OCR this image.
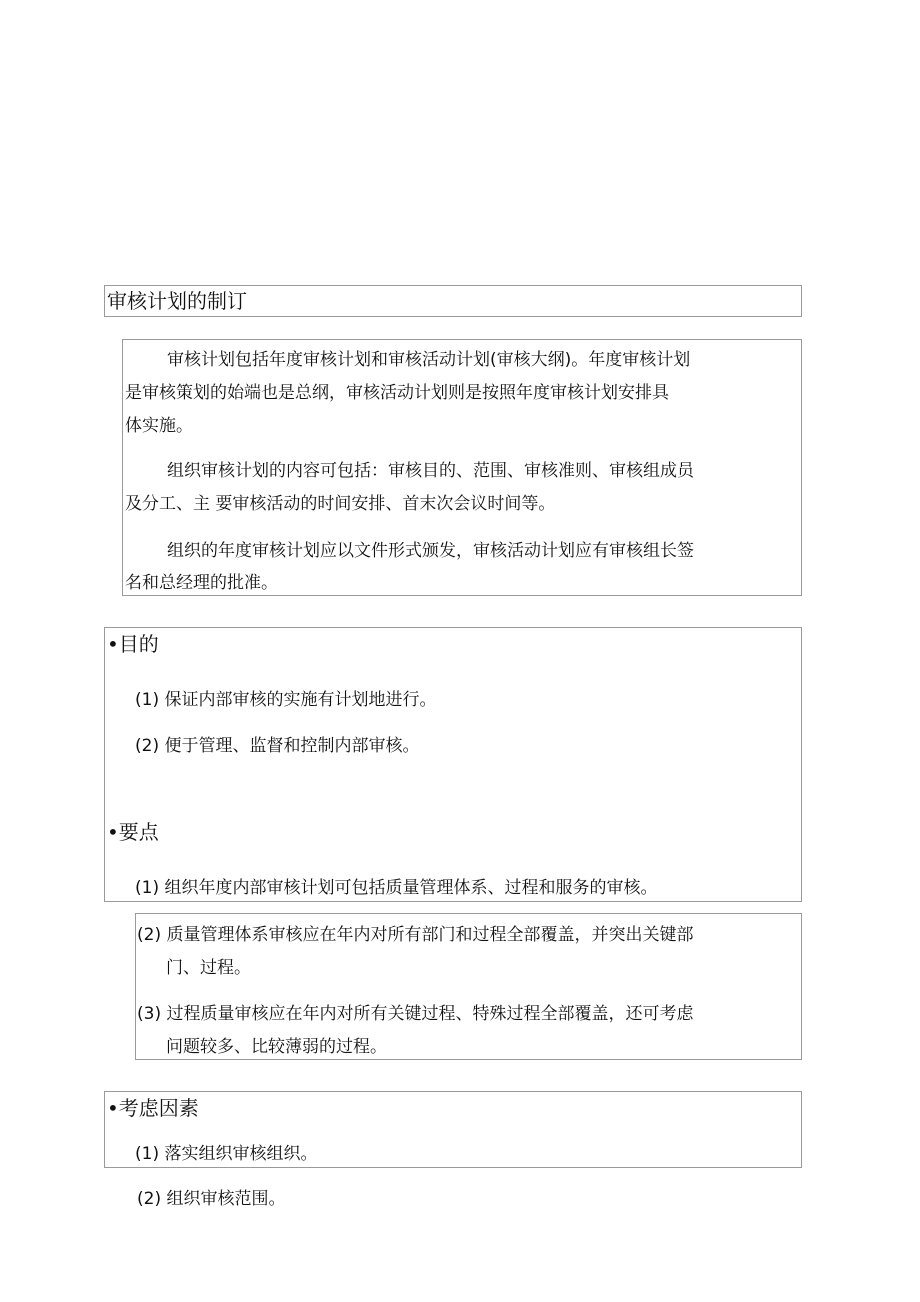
审核计划的制订
审核计划包括年度审核计划和审核活动计划(审核大纲)。年度审核计划
是审核策划的始端也是总纲，审核活动计划则是按照年度审核计划安排具
体实施。
组织审核计划的内容可包括：审核目的、范围、审核准则、审核组成员
及分工、主 要审核活动的时间安排、首末次会议时间等。
组织的年度审核计划应以文件形式颁发，审核活动计划应有审核组长签
名和总经理的批准。
•目的
(1) 保证内部审核的实施有计划地进行。
(2) 便于管理、监督和控制内部审核。
•要点
(1) 组织年度内部审核计划可包括质量管理体系、过程和服务的审核。
(2) 质量管理体系审核应在年内对所有部门和过程全部覆盖，并突出关键部
门、过程。
(3) 过程质量审核应在年内对所有关键过程、特殊过程全部覆盖，还可考虑
问题较多、比较薄弱的过程。
•考虑因素
(1) 落实组织审核组织。
(2) 组织审核范围。
